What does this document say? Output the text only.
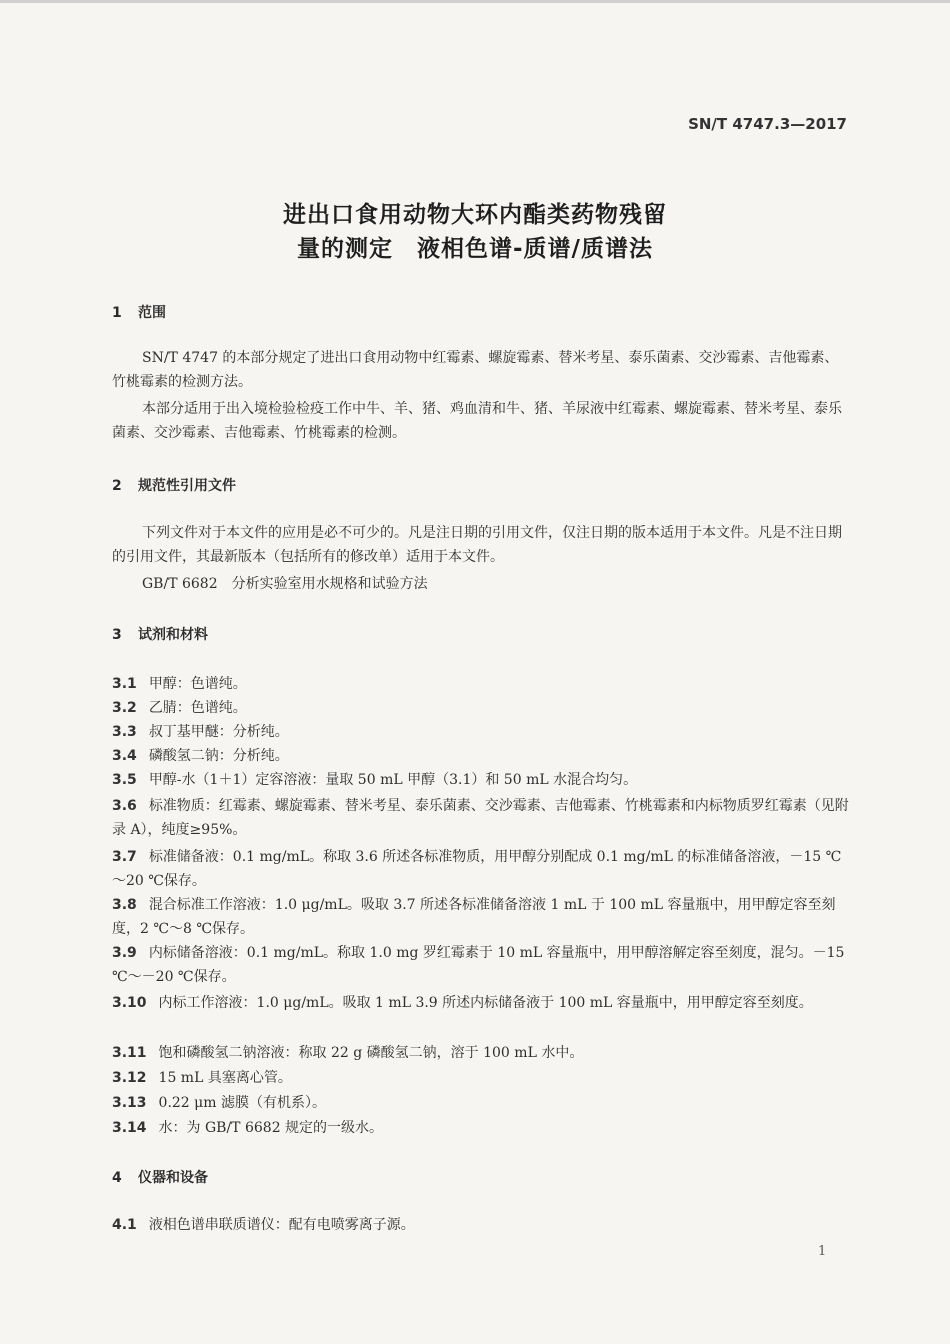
SN/T 4747.3—2017
进出口食用动物大环内酯类药物残留
量的测定　液相色谱-质谱/质谱法
1 范围
SN/T 4747 的本部分规定了进出口食用动物中红霉素、螺旋霉素、替米考星、泰乐菌素、交沙霉素、吉他霉素、竹桃霉素的检测方法。
本部分适用于出入境检验检疫工作中牛、羊、猪、鸡血清和牛、猪、羊尿液中红霉素、螺旋霉素、替米考星、泰乐菌素、交沙霉素、吉他霉素、竹桃霉素的检测。
2 规范性引用文件
下列文件对于本文件的应用是必不可少的。凡是注日期的引用文件，仅注日期的版本适用于本文件。凡是不注日期的引用文件，其最新版本（包括所有的修改单）适用于本文件。
GB/T 6682　分析实验室用水规格和试验方法
3 试剂和材料
3.1 甲醇：色谱纯。
3.2 乙腈：色谱纯。
3.3 叔丁基甲醚：分析纯。
3.4 磷酸氢二钠：分析纯。
3.5 甲醇-水（1＋1）定容溶液：量取 50 mL 甲醇（3.1）和 50 mL 水混合均匀。
3.6 标准物质：红霉素、螺旋霉素、替米考星、泰乐菌素、交沙霉素、吉他霉素、竹桃霉素和内标物质罗红霉素（见附录 A），纯度≥95%。
3.7 标准储备液：0.1 mg/mL。称取 3.6 所述各标准物质，用甲醇分别配成 0.1 mg/mL 的标准储备溶液，－15 ℃～20 ℃保存。
3.8 混合标准工作溶液：1.0 μg/mL。吸取 3.7 所述各标准储备溶液 1 mL 于 100 mL 容量瓶中，用甲醇定容至刻度，2 ℃～8 ℃保存。
3.9 内标储备溶液：0.1 mg/mL。称取 1.0 mg 罗红霉素于 10 mL 容量瓶中，用甲醇溶解定容至刻度，混匀。－15 ℃～－20 ℃保存。
3.10 内标工作溶液：1.0 μg/mL。吸取 1 mL 3.9 所述内标储备液于 100 mL 容量瓶中，用甲醇定容至刻度。
3.11 饱和磷酸氢二钠溶液：称取 22 g 磷酸氢二钠，溶于 100 mL 水中。
3.12 15 mL 具塞离心管。
3.13 0.22 μm 滤膜（有机系）。
3.14 水：为 GB/T 6682 规定的一级水。
4 仪器和设备
4.1 液相色谱串联质谱仪：配有电喷雾离子源。
1
